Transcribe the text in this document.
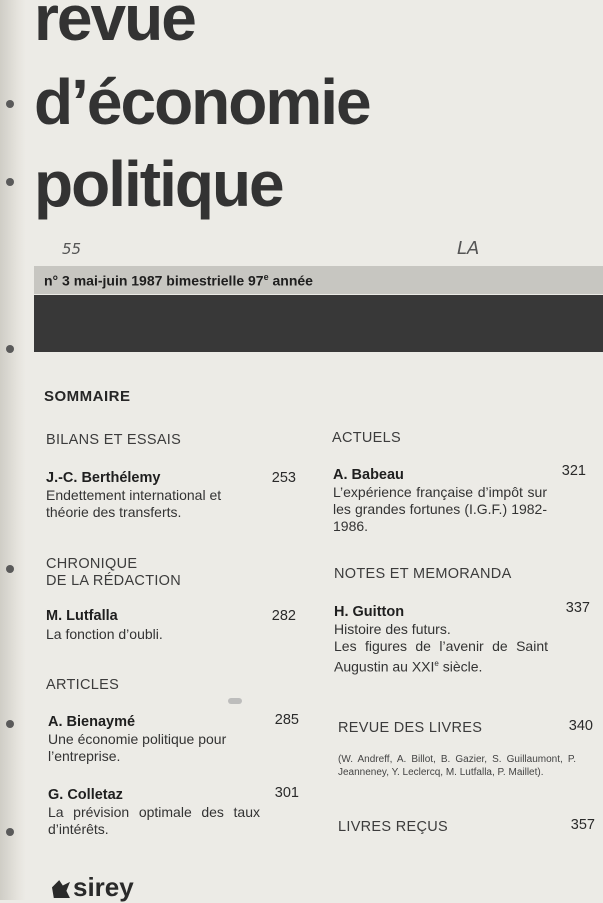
revue
d’économie
politique
55	LA
n° 3 mai-juin 1987 bimestrielle 97e année
SOMMAIRE
BILANS ET ESSAIS
J.-C. Berthélemy	253
Endettement international et théorie des transferts.
CHRONIQUE
DE LA RÉDACTION
M. Lutfalla	282
La fonction d’oubli.
ARTICLES
A. Bienaymé	285
Une économie politique pour l’entreprise.
G. Colletaz	301
La prévision optimale des taux d’intérêts.
ACTUELS
A. Babeau	321
L’expérience française d’impôt sur les grandes fortunes (I.G.F.) 1982-1986.
NOTES ET MEMORANDA
H. Guitton	337
Histoire des futurs.
Les figures de l’avenir de Saint Augustin au XXIe siècle.
REVUE DES LIVRES	340
(W. Andreff, A. Billot, B. Gazier, S. Guillaumont, P. Jeanneney, Y. Leclercq, M. Lutfalla, P. Maillet).
LIVRES REÇUS	357
sirey
